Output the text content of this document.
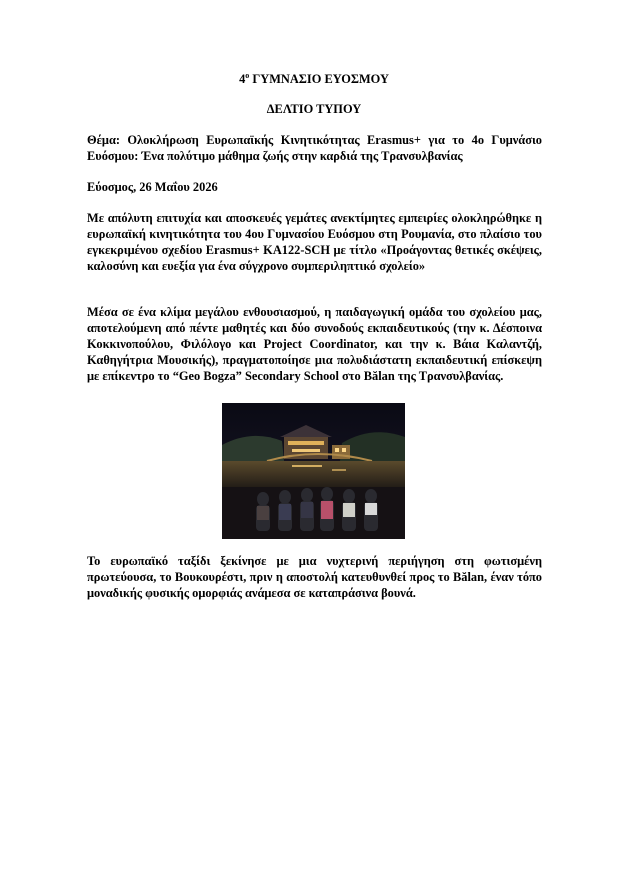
$4^o$ ΓΥΜΝΑΣΙΟ ΕΥΟΣΜΟΥ
ΔΕΛΤΙΟ ΤΥΠΟΥ
Θέμα: Ολοκλήρωση Ευρωπαϊκής Κινητικότητας Erasmus+ για το 4ο Γυμνάσιο Ευόσμου: Ένα πολύτιμο μάθημα ζωής στην καρδιά της Τρανσυλβανίας
Εύοσμος, 26 Μαΐου 2026
Με απόλυτη επιτυχία και αποσκευές γεμάτες ανεκτίμητες εμπειρίες ολοκληρώθηκε η ευρωπαϊκή κινητικότητα του 4ου Γυμνασίου Ευόσμου στη Ρουμανία, στο πλαίσιο του εγκεκριμένου σχεδίου Erasmus+ KA122-SCH με τίτλο «Προάγοντας θετικές σκέψεις, καλοσύνη και ευεξία για ένα σύγχρονο συμπεριληπτικό σχολείο»
Μέσα σε ένα κλίμα μεγάλου ενθουσιασμού, η παιδαγωγική ομάδα του σχολείου μας, αποτελούμενη από πέντε μαθητές και δύο συνοδούς εκπαιδευτικούς (την κ. Δέσποινα Κοκκινοπούλου, Φιλόλογο και Project Coordinator, και την κ. Βάια Καλαντζή, Καθηγήτρια Μουσικής), πραγματοποίησε μια πολυδιάστατη εκπαιδευτική επίσκεψη με επίκεντρο το “Geo Bogza” Secondary School στο Bălan της Τρανσυλβανίας.
Το ευρωπαϊκό ταξίδι ξεκίνησε με μια νυχτερινή περιήγηση στη φωτισμένη πρωτεύουσα, το Βουκουρέστι, πριν η αποστολή κατευθυνθεί προς το Bălan, έναν τόπο μοναδικής φυσικής ομορφιάς ανάμεσα σε καταπράσινα βουνά.
